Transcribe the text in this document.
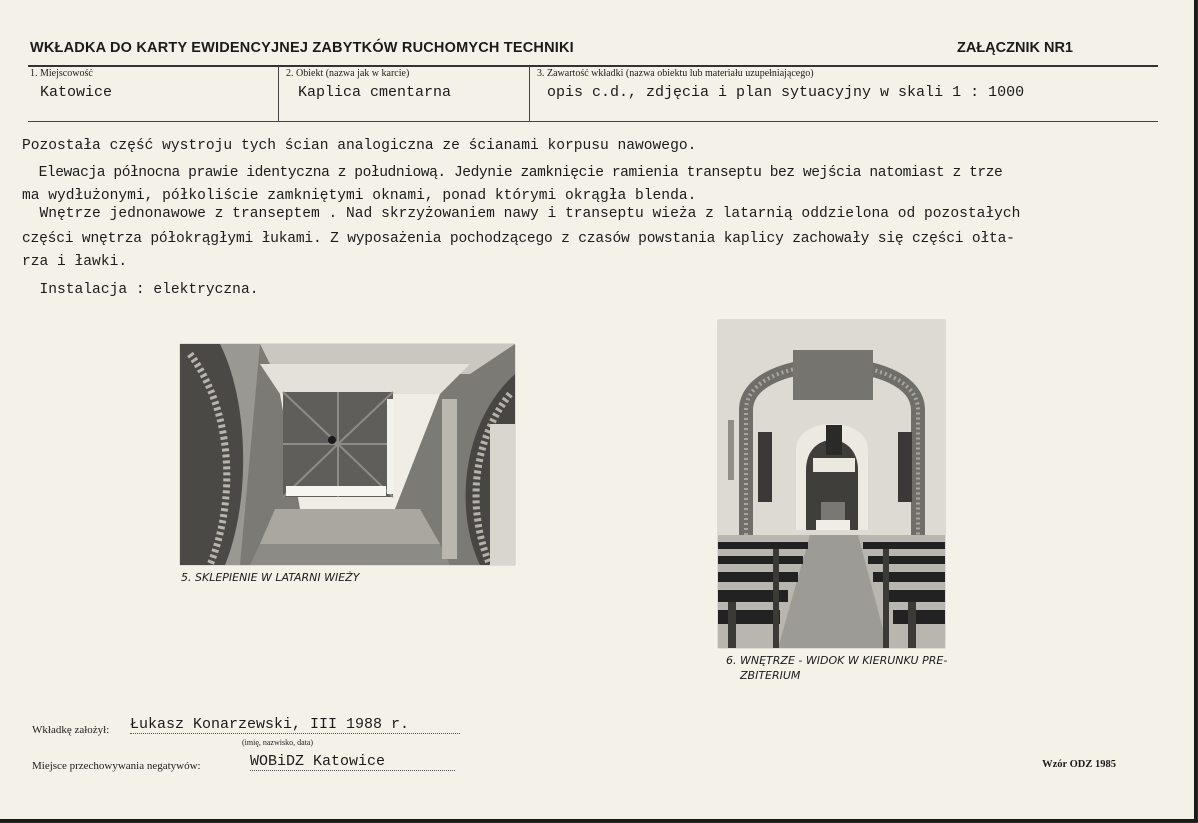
WKŁADKA DO KARTY EWIDENCYJNEJ ZABYTKÓW RUCHOMYCH TECHNIKI	ZAŁĄCZNIK NR1
1. Miejscowość
Katowice
2. Obiekt (nazwa jak w karcie)
Kaplica cmentarna
3. Zawartość wkładki (nazwa obiektu lub materiału uzupełniającego)
opis c.d., zdjęcia i plan sytuacyjny w skali 1 : 1000
Pozostała część wystroju tych ścian analogiczna ze ścianami korpusu nawowego.
Elewacja północna prawie identyczna z południową. Jedynie zamknięcie ramienia transeptu bez wejścia natomiast z trze
ma wydłużonymi, półkoliście zamkniętymi oknami, ponad którymi okrągła blenda.
Wnętrze jednonawowe z transeptem . Nad skrzyżowaniem nawy i transeptu wieża z latarnią oddzielona od pozostałych
części wnętrza półokrągłymi łukami. Z wyposażenia pochodzącego z czasów powstania kaplicy zachowały się części ołta-
rza i ławki.
Instalacja : elektryczna.
5. SKLEPIENIE W LATARNI WIEŻY
6. WNĘTRZE - WIDOK W KIERUNKU PRE-
ZBITERIUM
Wkładkę założył: Łukasz Konarzewski, III 1988 r.
(imię, nazwisko, data)
Miejsce przechowywania negatywów:	WOBiDZ Katowice	Wzór ODZ 1985
